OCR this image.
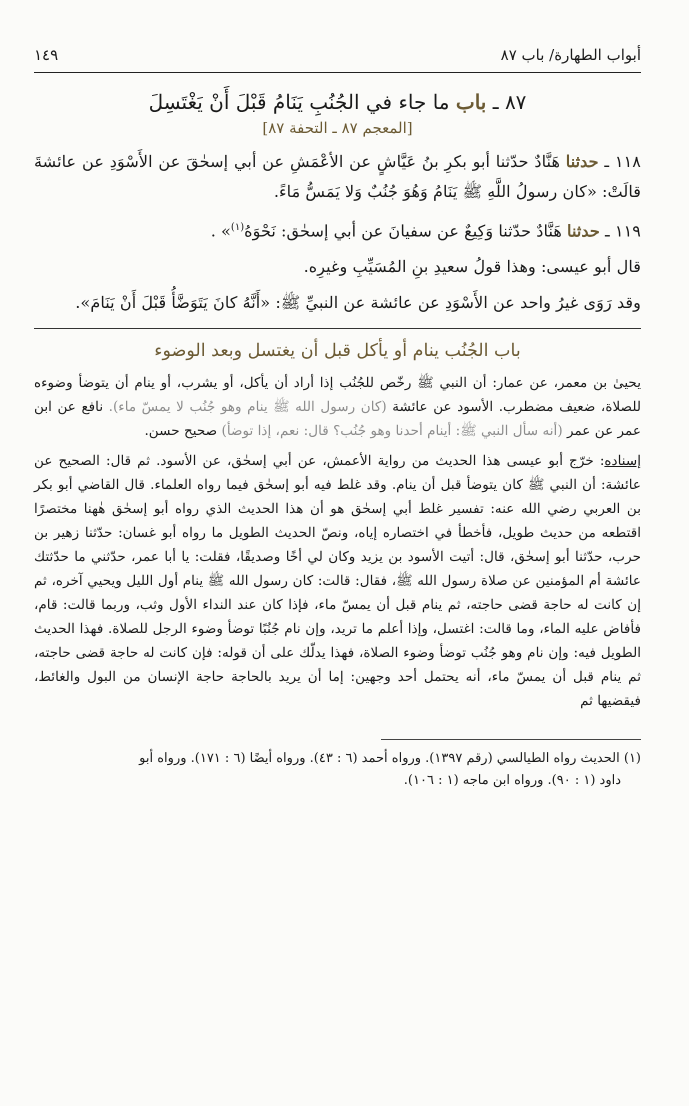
أبواب الطهارة/ باب ٨٧
١٤٩
٨٧ ـ باب ما جاء في الجُنُبِ يَنَامُ قَبْلَ أَنْ يَغْتَسِلَ
[المعجم ٨٧ ـ التحفة ٨٧]

١١٨ ـ حدثنا هَنَّادٌ حدّثنا أبو بكرِ بنُ عَيَّاشٍ عن الأعْمَشِ عن أبي إسحٰقَ عن الأَسْوَدِ عن عائشةَ قالَتْ: «كان رسولُ اللَّهِ ﷺ يَنَامُ وَهُوَ جُنُبٌ وَلا يَمَسُّ مَاءً.

١١٩ ـ حدثنا هَنَّادٌ حدّثنا وَكِيعٌ عن سفيانَ عن أبي إسحٰق: نَحْوَهُ$^{(١)}$» .

قال أبو عيسى: وهذا قولُ سعيدِ بنِ المُسَيِّبِ وغيرِه.

وقد رَوَى غيرُ واحد عن الأَسْوَدِ عن عائشة عن النبيِّ ﷺ: «أَنَّهُ كانَ يَتَوَضَّأُ قَبْلَ أَنْ يَنَامَ».

باب الجُنُب ينام أو يأكل قبل أن يغتسل وبعد الوضوء

يحيىٰ بن معمر، عن عمار: أن النبي ﷺ رخّص للجُنُب إذا أراد أن يأكل، أو يشرب، أو ينام أن يتوضأ وضوءه للصلاة، ضعيف مضطرب. الأسود عن عائشة (كان رسول الله ﷺ ينام وهو جُنُب لا يمسّ ماء). نافع عن ابن عمر عن عمر (أنه سأل النبي ﷺ: أينام أحدنا وهو جُنُب؟ قال: نعم، إذا توضأ) صحيح حسن.

إسناده: خرّج أبو عيسى هذا الحديث من رواية الأعمش، عن أبي إسحٰق، عن الأسود. ثم قال: الصحيح عن عائشة: أن النبي ﷺ كان يتوضأ قبل أن ينام. وقد غلط فيه أبو إسحٰق فيما رواه العلماء. قال القاضي أبو بكر بن العربي رضي الله عنه: تفسير غلط أبي إسحٰق هو أن هذا الحديث الذي رواه أبو إسحٰق هٰهنا مختصرًا اقتطعه من حديث طويل، فأخطأ في اختصاره إياه، ونصّ الحديث الطويل ما رواه أبو غسان: حدّثنا زهير بن حرب، حدّثنا أبو إسحٰق، قال: أتيت الأسود بن يزيد وكان لي أخًا وصديقًا، فقلت: يا أبا عمر، حدّثني ما حدّثتك عائشة أم المؤمنين عن صلاة رسول الله ﷺ، فقال: قالت: كان رسول الله ﷺ ينام أول الليل ويحيي آخره، ثم إن كانت له حاجة قضى حاجته، ثم ينام قبل أن يمسّ ماء، فإذا كان عند النداء الأول وثب، وربما قالت: قام، فأفاض عليه الماء، وما قالت: اغتسل، وإذا أعلم ما تريد، وإن نام جُنُبًا توضأ وضوء الرجل للصلاة. فهذا الحديث الطويل فيه: وإن نام وهو جُنُب توضأ وضوء الصلاة، فهذا يدلّك على أن قوله: فإن كانت له حاجة قضى حاجته، ثم ينام قبل أن يمسّ ماء، أنه يحتمل أحد وجهين: إما أن يريد بالحاجة حاجة الإنسان من البول والغائط، فيقضيها ثم

(١) الحديث رواه الطيالسي (رقم ١٣٩٧). ورواه أحمد (٦ : ٤٣). ورواه أيضًا (٦ : ١٧١). ورواه أبو
داود (١ : ٩٠). ورواه ابن ماجه (١ : ١٠٦).
